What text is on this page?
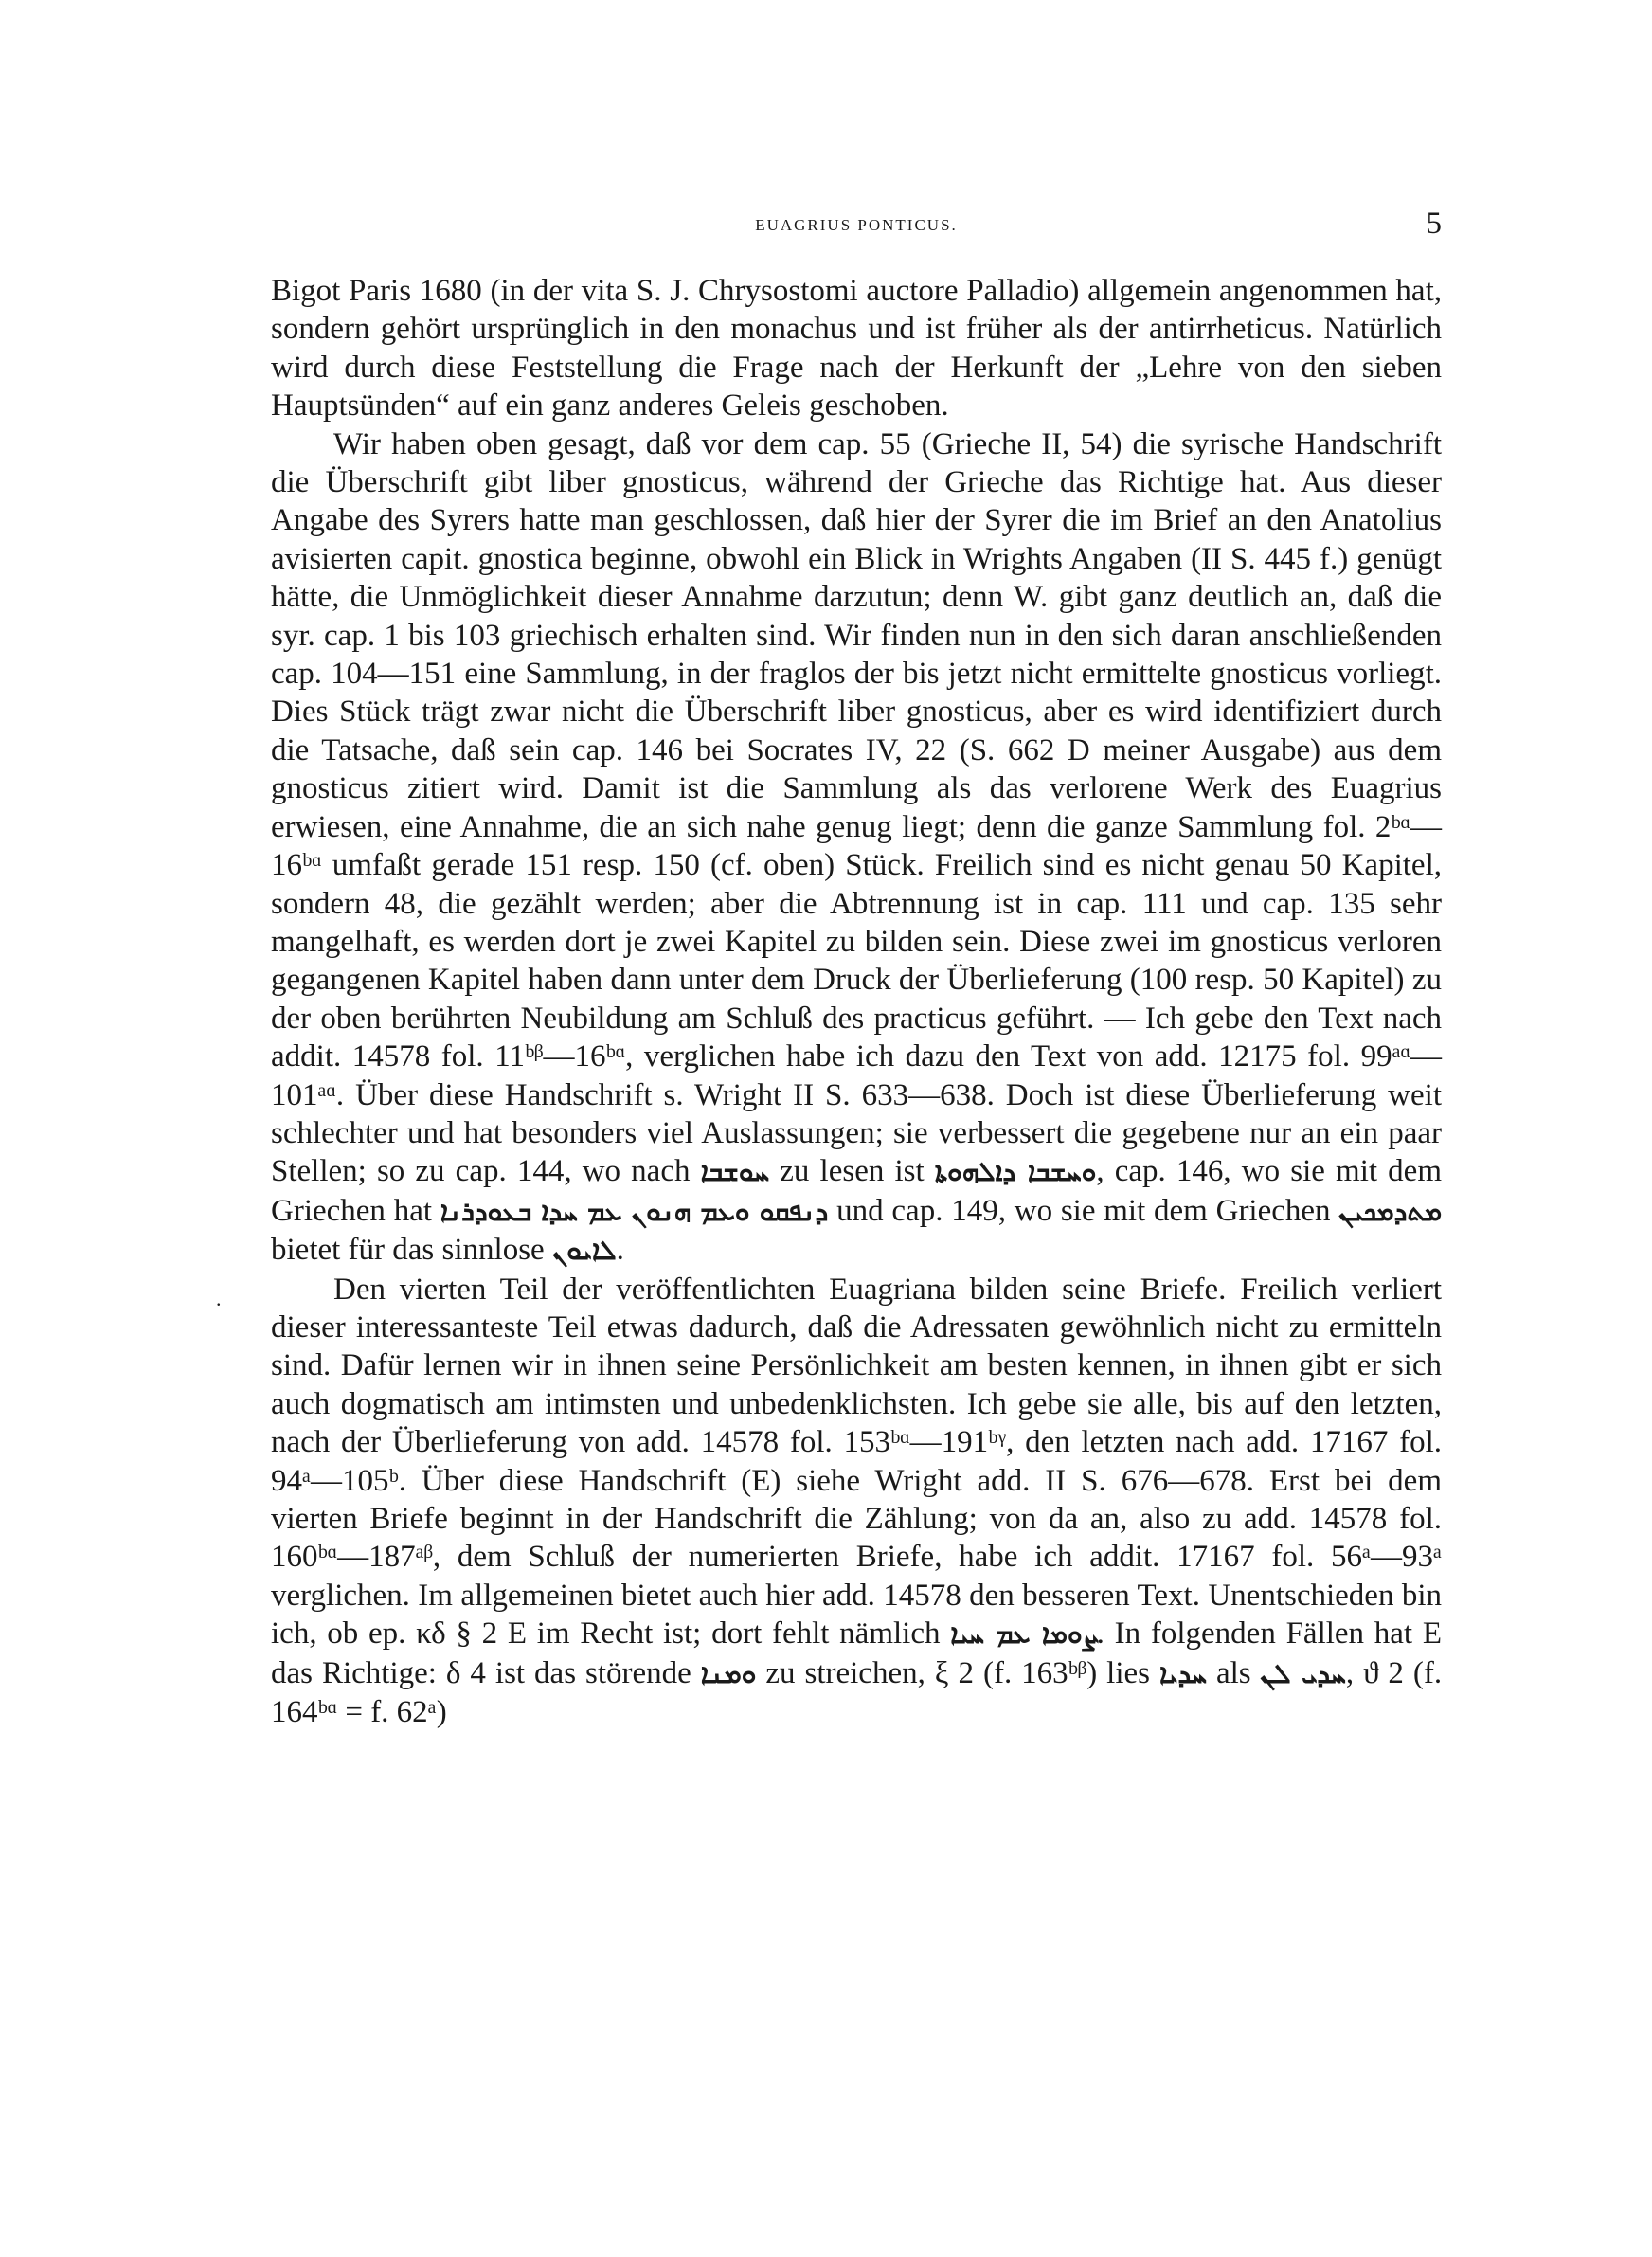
EUAGRIUS PONTICUS.	5
.

Bigot Paris 1680 (in der vita S. J. Chrysostomi auctore Palladio) allgemein angenommen hat, sondern gehört ursprünglich in den monachus und ist früher als der antirrheticus. Natürlich wird durch diese Feststellung die Frage nach der Herkunft der „Lehre von den sieben Hauptsünden“ auf ein ganz anderes Geleis geschoben.

Wir haben oben gesagt, daß vor dem cap. 55 (Grieche II, 54) die syrische Handschrift die Überschrift gibt liber gnosticus, während der Grieche das Richtige hat. Aus dieser Angabe des Syrers hatte man geschlossen, daß hier der Syrer die im Brief an den Anatolius avisierten capit. gnostica beginne, obwohl ein Blick in Wrights Angaben (II S. 445 f.) genügt hätte, die Unmöglichkeit dieser Annahme darzutun; denn W. gibt ganz deutlich an, daß die syr. cap. 1 bis 103 griechisch erhalten sind. Wir finden nun in den sich daran anschließenden cap. 104—151 eine Sammlung, in der fraglos der bis jetzt nicht ermittelte gnosticus vorliegt. Dies Stück trägt zwar nicht die Überschrift liber gnosticus, aber es wird identifiziert durch die Tatsache, daß sein cap. 146 bei Socrates IV, 22 (S. 662 D meiner Ausgabe) aus dem gnosticus zitiert wird. Damit ist die Sammlung als das verlorene Werk des Euagrius erwiesen, eine Annahme, die an sich nahe genug liegt; denn die ganze Sammlung fol. 2ᵇᵅ—16ᵇᵅ umfaßt gerade 151 resp. 150 (cf. oben) Stück. Freilich sind es nicht genau 50 Kapitel, sondern 48, die gezählt werden; aber die Abtrennung ist in cap. 111 und cap. 135 sehr mangelhaft, es werden dort je zwei Kapitel zu bilden sein. Diese zwei im gnosticus verloren gegangenen Kapitel haben dann unter dem Druck der Überlieferung (100 resp. 50 Kapitel) zu der oben berührten Neubildung am Schluß des practicus geführt. — Ich gebe den Text nach addit. 14578 fol. 11ᵇᵝ—16ᵇᵅ, verglichen habe ich dazu den Text von add. 12175 fol. 99ᵃᵅ—101ᵃᵅ. Über diese Handschrift s. Wright II S. 633—638. Doch ist diese Überlieferung weit schlechter und hat besonders viel Auslassungen; sie verbessert die gegebene nur an ein paar Stellen; so zu cap. 144, wo nach ܚܘܫܒܐ zu lesen ist ܘܚܫܒܐ ܕܐܠܗܘܬܐ, cap. 146, wo sie mit dem Griechen hat ܕܢܦܩܘ ܘܥܡ ܗܢܘܢ ܥܡ ܚܕܐ ܒܥܘܕܪܢܐ und cap. 149, wo sie mit dem Griechen ܡܬܕܡܟܝܢ bietet für das sinnlose ܠܐܝܘܢ.

Den vierten Teil der veröffentlichten Euagriana bilden seine Briefe. Freilich verliert dieser interessanteste Teil etwas dadurch, daß die Adressaten gewöhnlich nicht zu ermitteln sind. Dafür lernen wir in ihnen seine Persönlichkeit am besten kennen, in ihnen gibt er sich auch dogmatisch am intimsten und unbedenklichsten. Ich gebe sie alle, bis auf den letzten, nach der Überlieferung von add. 14578 fol. 153ᵇᵅ—191ᵇᵞ, den letzten nach add. 17167 fol. 94ᵃ—105ᵇ. Über diese Handschrift (E) siehe Wright add. II S. 676—678. Erst bei dem vierten Briefe beginnt in der Handschrift die Zählung; von da an, also zu add. 14578 fol. 160ᵇᵅ—187ᵃᵝ, dem Schluß der numerierten Briefe, habe ich addit. 17167 fol. 56ᵃ—93ᵃ verglichen. Im allgemeinen bietet auch hier add. 14578 den besseren Text. Unentschieden bin ich, ob ep. κδ § 2 E im Recht ist; dort fehlt nämlich ܨܘܡܐ ܥܡ ܚܝܐ. In folgenden Fällen hat E das Richtige: δ 4 ist das störende ܘܡܢܐ zu streichen, ξ 2 (f. 163ᵇᵝ) lies ܚܕܝܐ als ܚܕܝ ܠܢ, ϑ 2 (f. 164ᵇᵅ = f. 62ᵃ)
